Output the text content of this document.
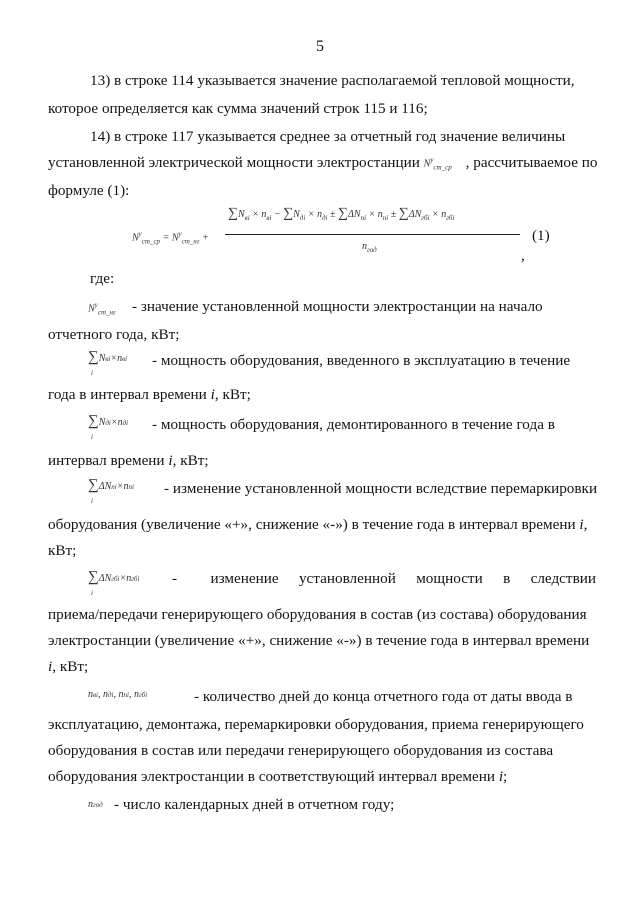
5
13) в строке 114 указывается значение располагаемой тепловой мощности,
которое определяется как сумма значений строк 115 и 116;
14) в строке 117 указывается среднее за отчетный год значение величины
установленной электрической мощности электростанции $N^у_{ст\_ср}$ , рассчитываемое по
формуле (1):
$N^у_{ст\_ср} = N^у_{ст\_нг}$ +
$\sum N_{вi} \times n_{вi} - \sum N_{дi} \times n_{дi} \pm \sum\Delta N_{пi} \times n_{пi} \pm \sum\Delta N_{гбi} \times n_{гбi}$
$n_{год}$
(1)
,
где:
$N^у_{ст\_нг}$ - значение установленной мощности электростанции на начало
отчетного года, кВт;
∑Nвi×nвi
i
- мощность оборудования, введенного в эксплуатацию в течение
года в интервал времени i, кВт;
∑Nдi×nдi
i
- мощность оборудования, демонтированного в течение года в
интервал времени i, кВт;
∑ΔNпi×nпi
i
- изменение установленной мощности вследствие перемаркировки
оборудования (увеличение «+», снижение «-») в течение года в интервал времени i,
кВт;
∑ΔNгбi×nгбi
i
-	изменение установленной мощности в следствии
приема/передачи генерирующего оборудования в состав (из состава) оборудования
электростанции (увеличение «+», снижение «-») в течение года в интервал времени
i, кВт;
nвi, nдi, nпi, nгбi	- количество дней до конца отчетного года от даты ввода в
эксплуатацию, демонтажа, перемаркировки оборудования, приема генерирующего
оборудования в состав или передачи генерирующего оборудования из состава
оборудования электростанции в соответствующий интервал времени i;
nгод - число календарных дней в отчетном году;
